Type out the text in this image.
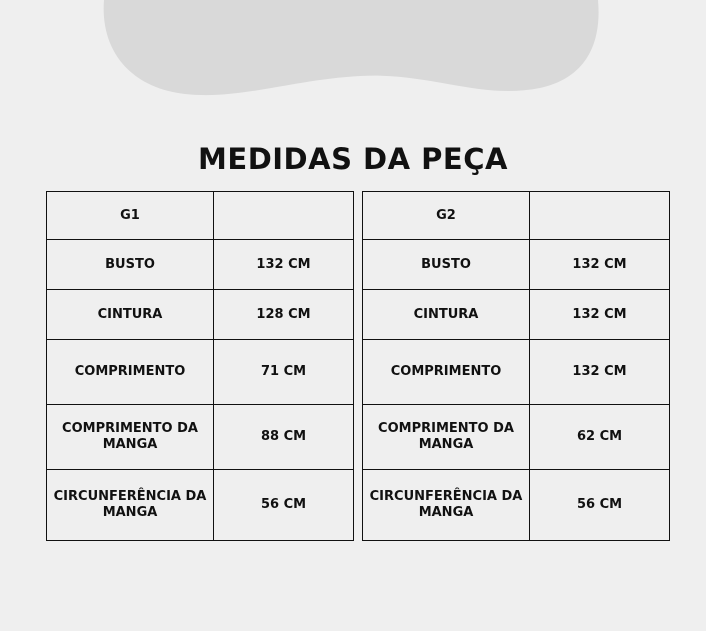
MEDIDAS DA PEÇA
G1	
BUSTO	132 CM
CINTURA	128 CM
COMPRIMENTO	71 CM
COMPRIMENTO DA MANGA	88 CM
CIRCUNFERÊNCIA DA MANGA	56 CM
G2	
BUSTO	132 CM
CINTURA	132 CM
COMPRIMENTO	132 CM
COMPRIMENTO DA MANGA	62 CM
CIRCUNFERÊNCIA DA MANGA	56 CM
